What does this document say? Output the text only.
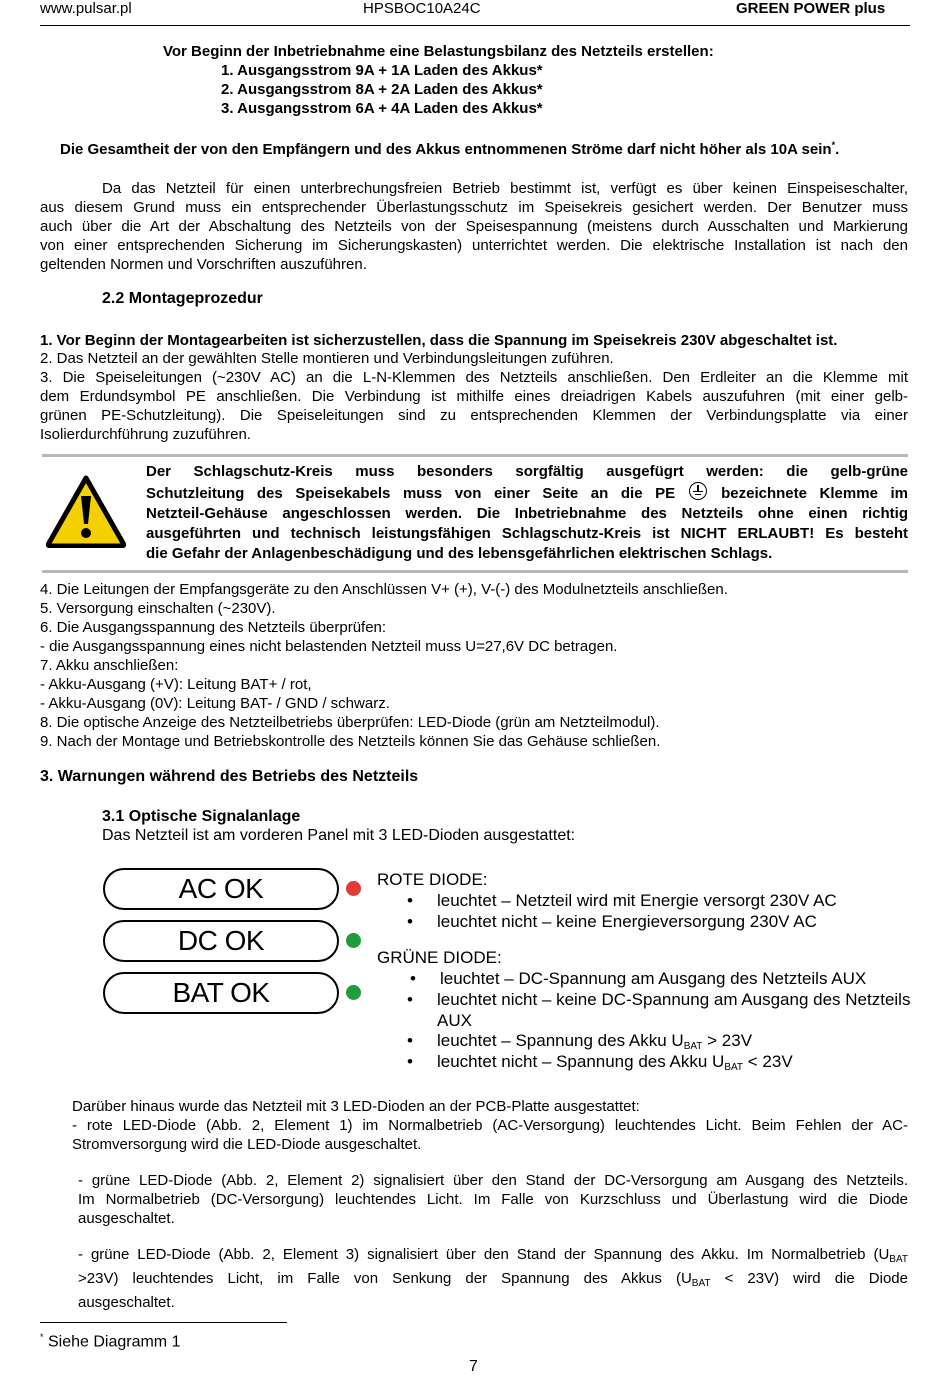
www.pulsar.pl	HPSBOC10A24C	GREEN POWER plus
Vor Beginn der Inbetriebnahme eine Belastungsbilanz des Netzteils erstellen:
1. Ausgangsstrom 9A + 1A Laden des Akkus*
2. Ausgangsstrom 8A + 2A Laden des Akkus*
3. Ausgangsstrom 6A + 4A Laden des Akkus*
Die Gesamtheit der von den Empfängern und des Akkus entnommenen Ströme darf nicht höher als 10A sein*.
Da das Netzteil für einen unterbrechungsfreien Betrieb bestimmt ist, verfügt es über keinen Einspeiseschalter,
aus diesem Grund muss ein entsprechender Überlastungsschutz im Speisekreis gesichert werden. Der Benutzer muss
auch über die Art der Abschaltung des Netzteils von der Speisespannung (meistens durch Ausschalten und Markierung
von einer entsprechenden Sicherung im Sicherungskasten) unterrichtet werden. Die elektrische Installation ist nach den
geltenden Normen und Vorschriften auszuführen.
2.2 Montageprozedur
1. Vor Beginn der Montagearbeiten ist sicherzustellen, dass die Spannung im Speisekreis 230V abgeschaltet ist.
2. Das Netzteil an der gewählten Stelle montieren und Verbindungsleitungen zuführen.
3. Die Speiseleitungen (~230V AC) an die L-N-Klemmen des Netzteils anschließen. Den Erdleiter an die Klemme mit
dem Erdundsymbol PE anschließen. Die Verbindung ist mithilfe eines dreiadrigen Kabels auszufuhren (mit einer gelb-
grünen PE-Schutzleitung). Die Speiseleitungen sind zu entsprechenden Klemmen der Verbindungsplatte via einer
Isolierdurchführung zuzuführen.
Der Schlagschutz-Kreis muss besonders sorgfältig ausgefügrt werden: die gelb-grüne
Schutzleitung des Speisekabels muss von einer Seite an die PE	bezeichnete Klemme im
Netzteil-Gehäuse angeschlossen werden. Die Inbetriebnahme des Netzteils ohne einen richtig
ausgeführten und technisch leistungsfähigen Schlagschutz-Kreis ist NICHT ERLAUBT! Es besteht
die Gefahr der Anlagenbeschädigung und des lebensgefährlichen elektrischen Schlags.
4. Die Leitungen der Empfangsgeräte zu den Anschlüssen V+ (+), V-(-) des Modulnetzteils anschließen.
5. Versorgung einschalten (~230V).
6. Die Ausgangsspannung des Netzteils überprüfen:
- die Ausgangsspannung eines nicht belastenden Netzteil muss U=27,6V DC betragen.
7. Akku anschließen:
- Akku-Ausgang (+V): Leitung BAT+ / rot,
- Akku-Ausgang (0V): Leitung BAT- / GND / schwarz.
8. Die optische Anzeige des Netzteilbetriebs überprüfen: LED-Diode (grün am Netzteilmodul).
9. Nach der Montage und Betriebskontrolle des Netzteils können Sie das Gehäuse schließen.
3. Warnungen während des Betriebs des Netzteils
3.1 Optische Signalanlage
Das Netzteil ist am vorderen Panel mit 3 LED-Dioden ausgestattet:
AC OK
DC OK
BAT OK
ROTE DIODE:
• leuchtet – Netzteil wird mit Energie versorgt 230V AC
• leuchtet nicht – keine Energieversorgung 230V AC
GRÜNE DIODE:
• leuchtet – DC-Spannung am Ausgang des Netzteils AUX
• leuchtet nicht – keine DC-Spannung am Ausgang des Netzteils
AUX
• leuchtet – Spannung des Akku $U_{BAT} > 23V$
• leuchtet nicht – Spannung des Akku $U_{BAT} < 23V$
Darüber hinaus wurde das Netzteil mit 3 LED-Dioden an der PCB-Platte ausgestattet:
- rote LED-Diode (Abb. 2, Element 1) im Normalbetrieb (AC-Versorgung) leuchtendes Licht. Beim Fehlen der AC-
Stromversorgung wird die LED-Diode ausgeschaltet.
- grüne LED-Diode (Abb. 2, Element 2) signalisiert über den Stand der DC-Versorgung am Ausgang des Netzteils.
Im Normalbetrieb (DC-Versorgung) leuchtendes Licht. Im Falle von Kurzschluss und Überlastung wird die Diode
ausgeschaltet.
- grüne LED-Diode (Abb. 2, Element 3) signalisiert über den Stand der Spannung des Akku. Im Normalbetrieb ($U_{BAT}$
>23V) leuchtendes Licht, im Falle von Senkung der Spannung des Akkus $(U_{BAT} < 23V)$ wird die Diode
ausgeschaltet.
* Siehe Diagramm 1
7
